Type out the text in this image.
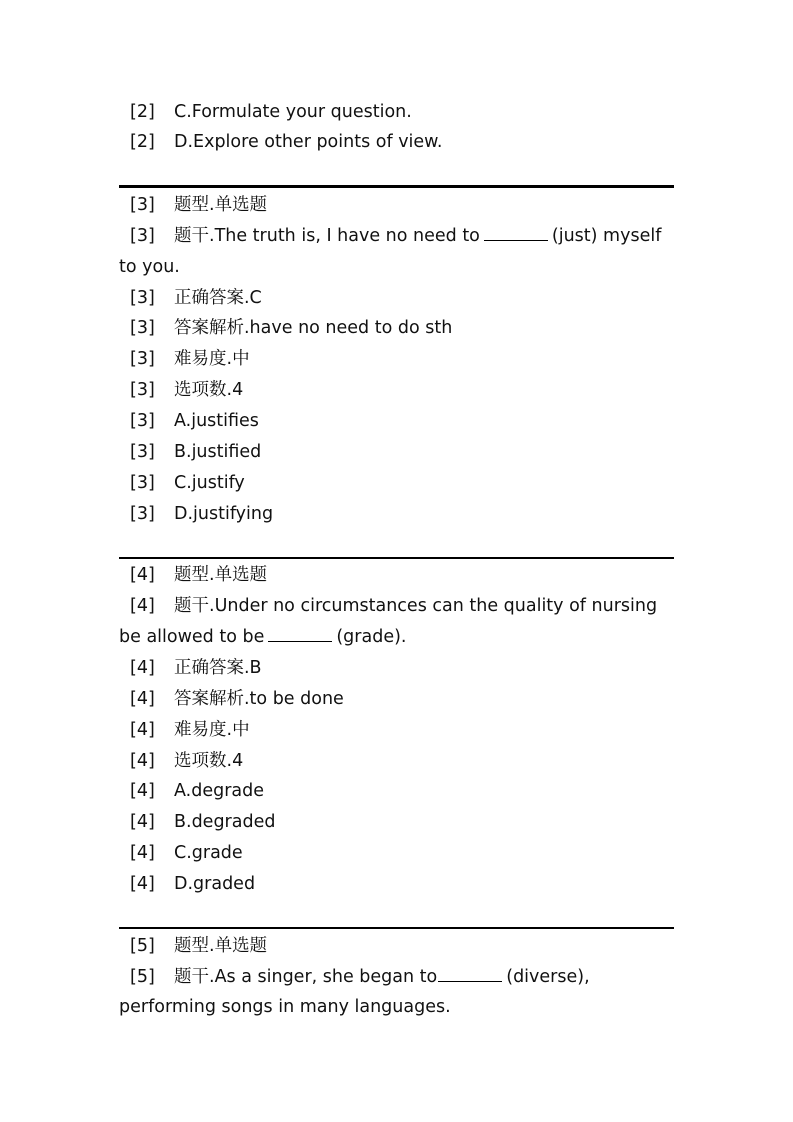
[2] C.Formulate your question.
[2] D.Explore other points of view.
[3] 题型.单选题
[3] 题干.The truth is, I have no need to	(just) myself
to you.
[3] 正确答案.C
[3] 答案解析.have no need to do sth
[3] 难易度.中
[3] 选项数.4
[3] A.justifies
[3] B.justified
[3] C.justify
[3] D.justifying
[4] 题型.单选题
[4] 题干.Under no circumstances can the quality of nursing
be allowed to be	(grade).
[4] 正确答案.B
[4] 答案解析.to be done
[4] 难易度.中
[4] 选项数.4
[4] A.degrade
[4] B.degraded
[4] C.grade
[4] D.graded
[5] 题型.单选题
[5] 题干.As a singer, she began to	(diverse),
performing songs in many languages.
